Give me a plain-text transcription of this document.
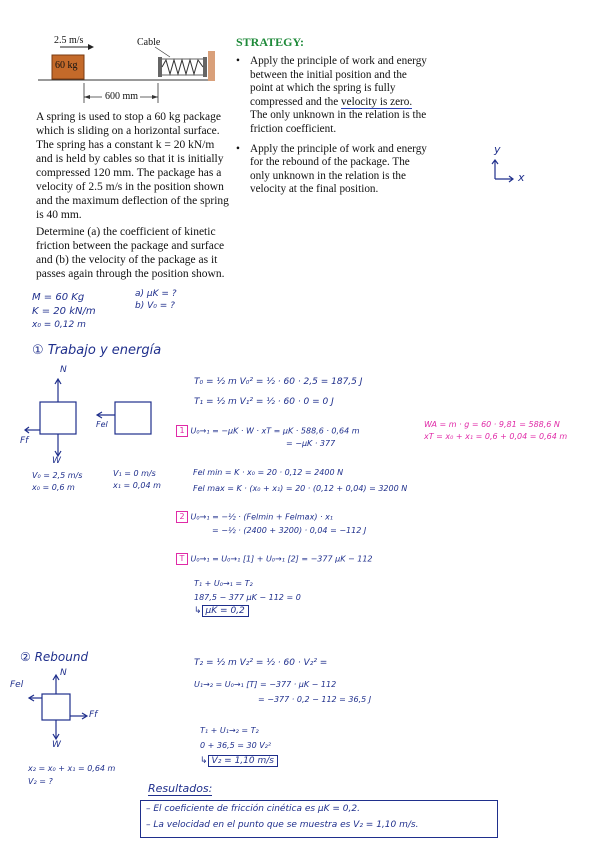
2.5 m/s	Cable
60 kg
600 mm
A spring is used to stop a 60 kg package which is sliding on a horizontal surface. The spring has a constant k = 20 kN/m and is held by cables so that it is initially compressed 120 mm. The package has a velocity of 2.5 m/s in the position shown and the maximum deflection of the spring is 40 mm.
Determine (a) the coefficient of kinetic friction between the package and surface and (b) the velocity of the package as it passes again through the position shown.
STRATEGY:
• Apply the principle of work and energy between the initial position and the point at which the spring is fully compressed and the velocity is zero. The only unknown in the relation is the friction coefficient.
• Apply the principle of work and energy for the rebound of the package. The only unknown in the relation is the velocity at the final position.
y
x
M = 60 Kg
K = 20 kN/m
x₀ = 0,12 m
a) μK = ?
b) V₀ = ?
① Trabajo y energía
N
Ff
W
Fel
V₀ = 2,5 m/s
x₀ = 0,6 m
V₁ = 0 m/s
x₁ = 0,04 m
T₀ = ½ m V₀² = ½ · 60 · 2,5 = 187,5 J
T₁ = ½ m V₁² = ½ · 60 · 0 = 0 J
1 U₀→₁ = −μK · W · xT = μK · 588,6 · 0,64 m
= −μK · 377
WA = m · g = 60 · 9,81 = 588,6 N
xT = x₀ + x₁ = 0,6 + 0,04 = 0,64 m
Fel min = K · x₀ = 20 · 0,12 = 2400 N
Fel max = K · (x₀ + x₁) = 20 · (0,12 + 0,04) = 3200 N
2 U₀→₁ = −½ · (Felmin + Felmax) · x₁
= −½ · (2400 + 3200) · 0,04 = −112 J
T U₀→₁ = U₀→₁ [1] + U₀→₁ [2] = −377 μK − 112
T₁ + U₀→₁ = T₂
187,5 − 377 μK − 112 = 0
↳ μK = 0,2
② Rebound
N
Fel
Ff
W
x₂ = x₀ + x₁ = 0,64 m
V₂ = ?
T₂ = ½ m V₂² = ½ · 60 · V₂² =
U₁→₂ = U₀→₁ [T] = −377 · μK − 112
= −377 · 0,2 − 112 = 36,5 J
T₁ + U₁→₂ = T₂
0 + 36,5 = 30 V₂²
↳ V₂ = 1,10 m/s
Resultados:
– El coeficiente de fricción cinética es μK = 0,2.
– La velocidad en el punto que se muestra es V₂ = 1,10 m/s.
